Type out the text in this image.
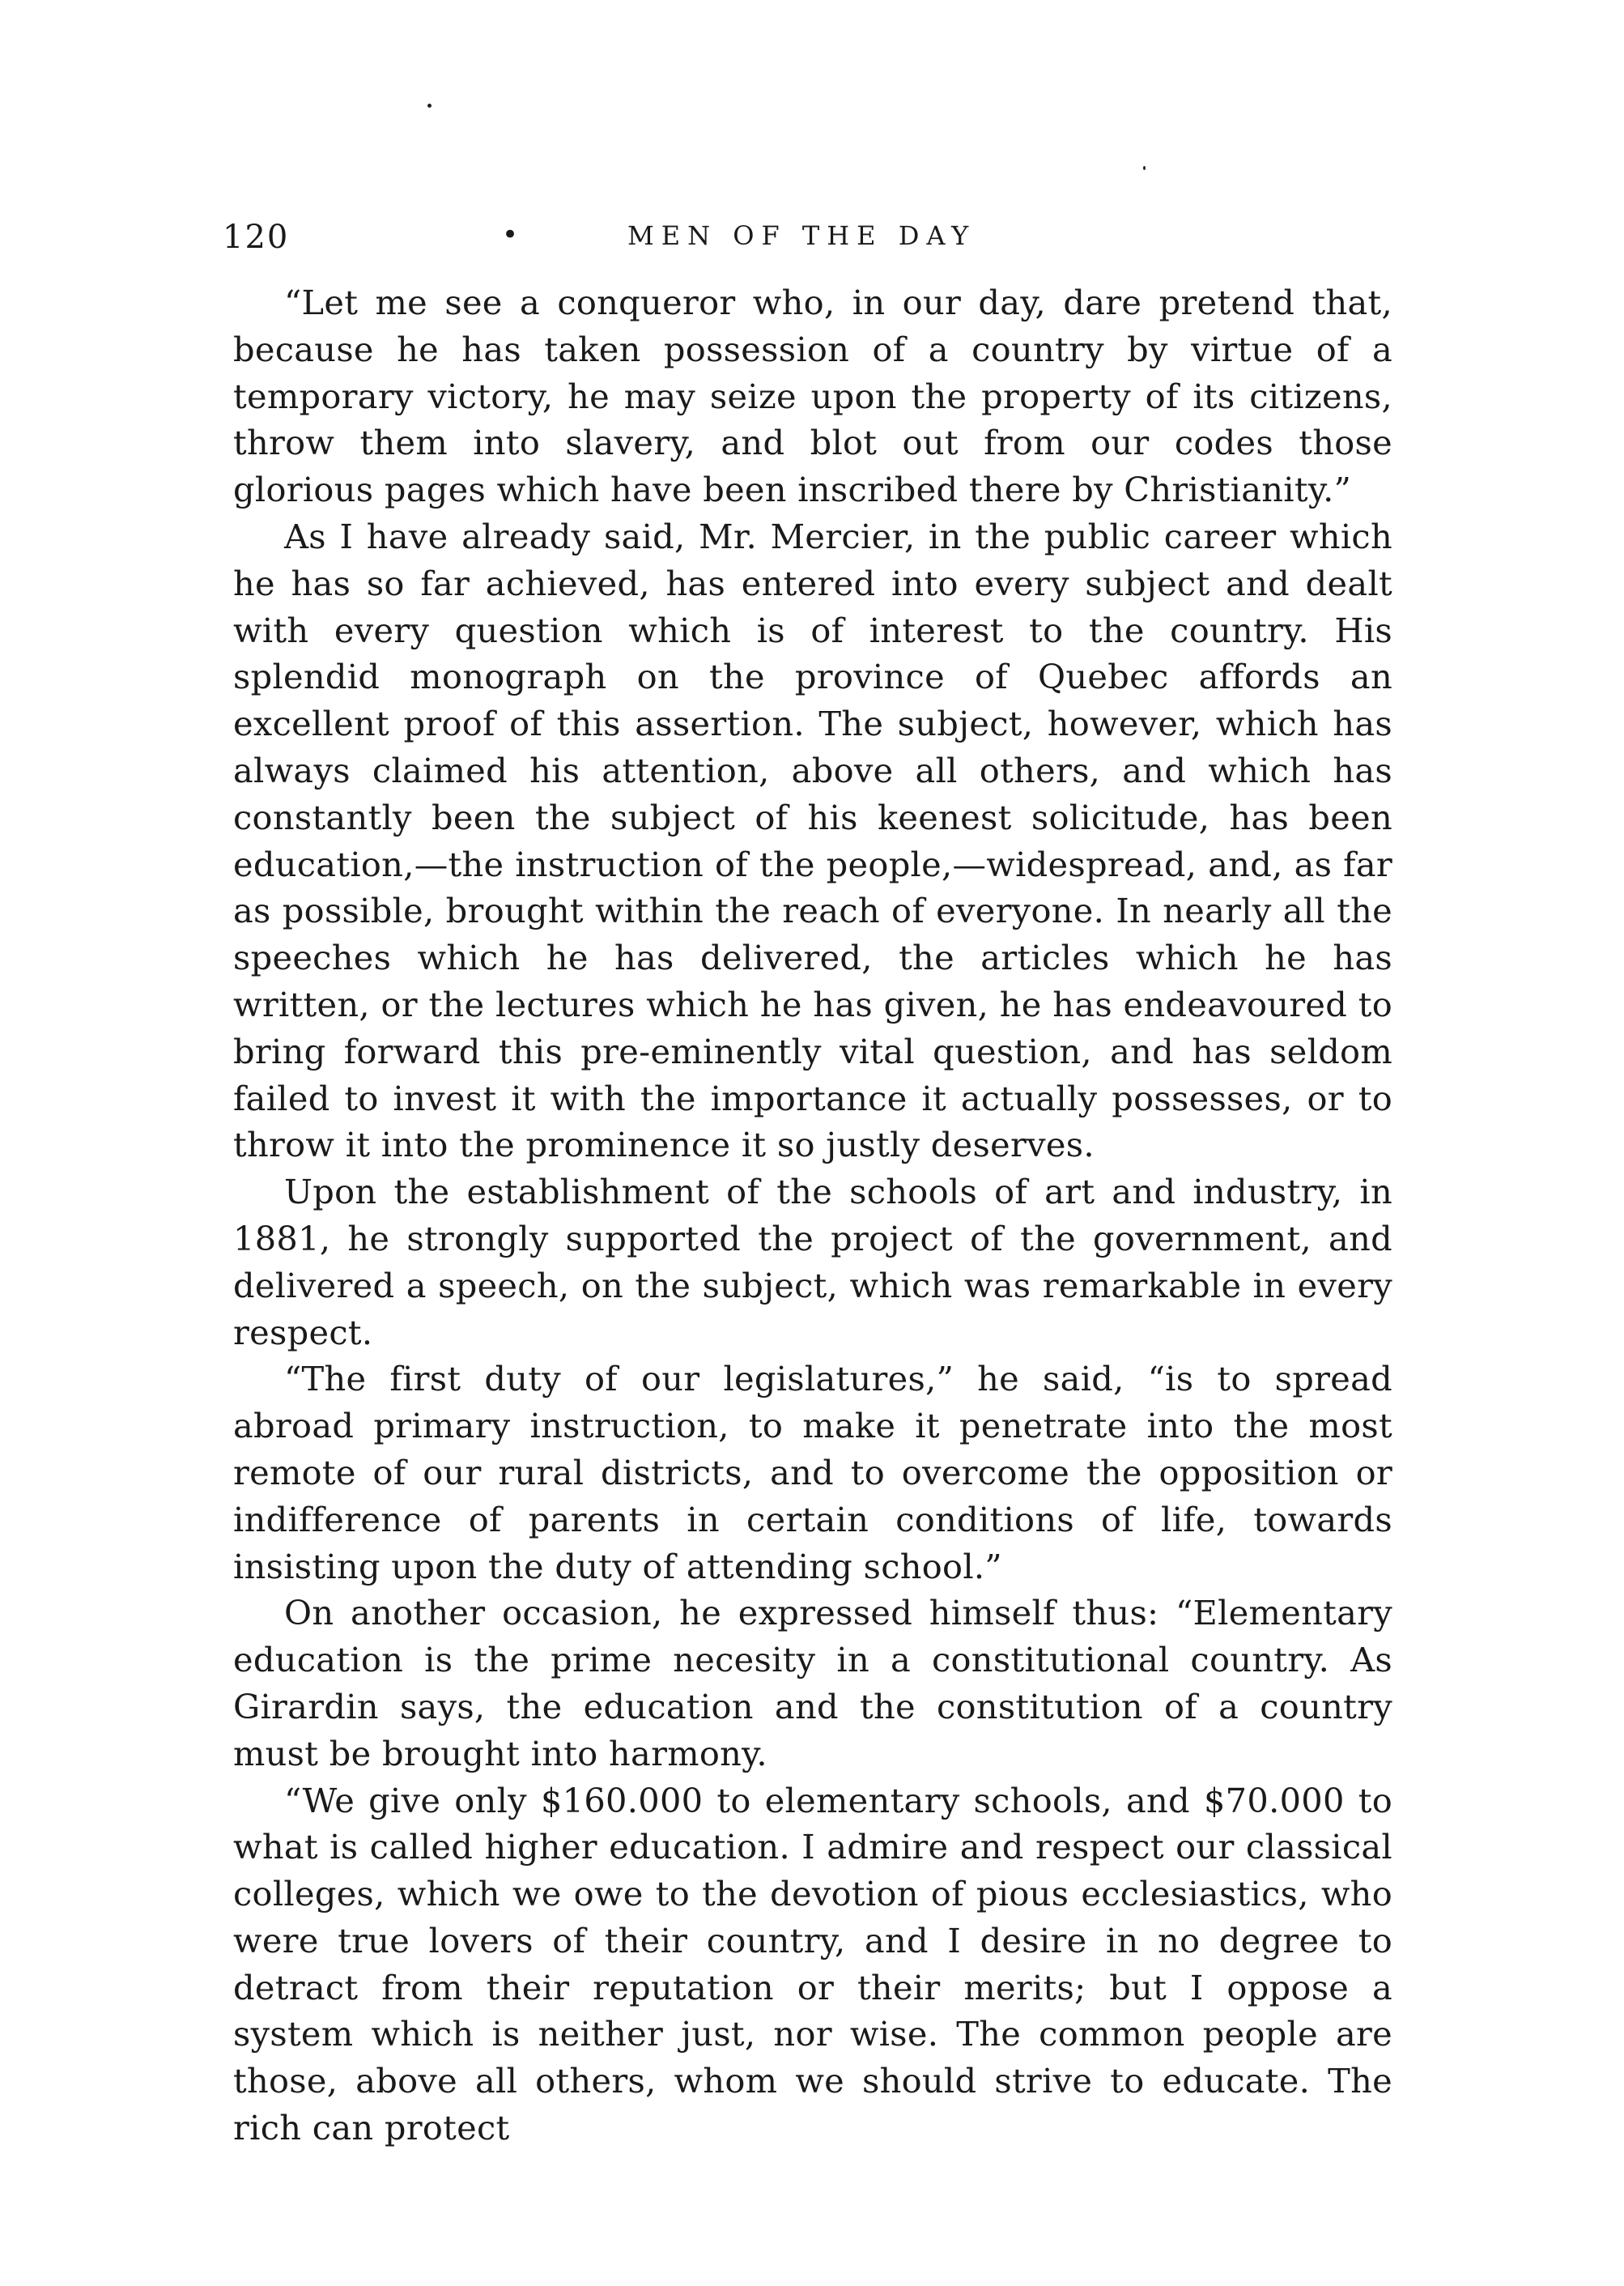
120	•	MEN OF THE DAY

“Let me see a conqueror who, in our day, dare pretend that, because he has taken possession of a country by virtue of a temporary victory, he may seize upon the property of its citizens, throw them into slavery, and blot out from our codes those glorious pages which have been inscribed there by Christianity.”

As I have already said, Mr. Mercier, in the public career which he has so far achieved, has entered into every subject and dealt with every question which is of interest to the country. His splendid monograph on the province of Quebec affords an excellent proof of this assertion. The subject, however, which has always claimed his attention, above all others, and which has constantly been the subject of his keenest solicitude, has been education,—the instruction of the people,—widespread, and, as far as possible, brought within the reach of everyone. In nearly all the speeches which he has delivered, the articles which he has written, or the lectures which he has given, he has endeavoured to bring forward this pre-eminently vital question, and has seldom failed to invest it with the importance it actually possesses, or to throw it into the prominence it so justly deserves.

Upon the establishment of the schools of art and industry, in 1881, he strongly supported the project of the government, and delivered a speech, on the subject, which was remarkable in every respect.

“The first duty of our legislatures,” he said, “is to spread abroad primary instruction, to make it penetrate into the most remote of our rural districts, and to overcome the opposition or indifference of parents in certain conditions of life, towards insisting upon the duty of attending school.”

On another occasion, he expressed himself thus: “Elementary education is the prime necesity in a constitutional country. As Girardin says, the education and the constitution of a country must be brought into harmony.

“We give only $160.000 to elementary schools, and $70.000 to what is called higher education. I admire and respect our classical colleges, which we owe to the devotion of pious ecclesiastics, who were true lovers of their country, and I desire in no degree to detract from their reputation or their merits; but I oppose a system which is neither just, nor wise. The common people are those, above all others, whom we should strive to educate. The rich can protect
